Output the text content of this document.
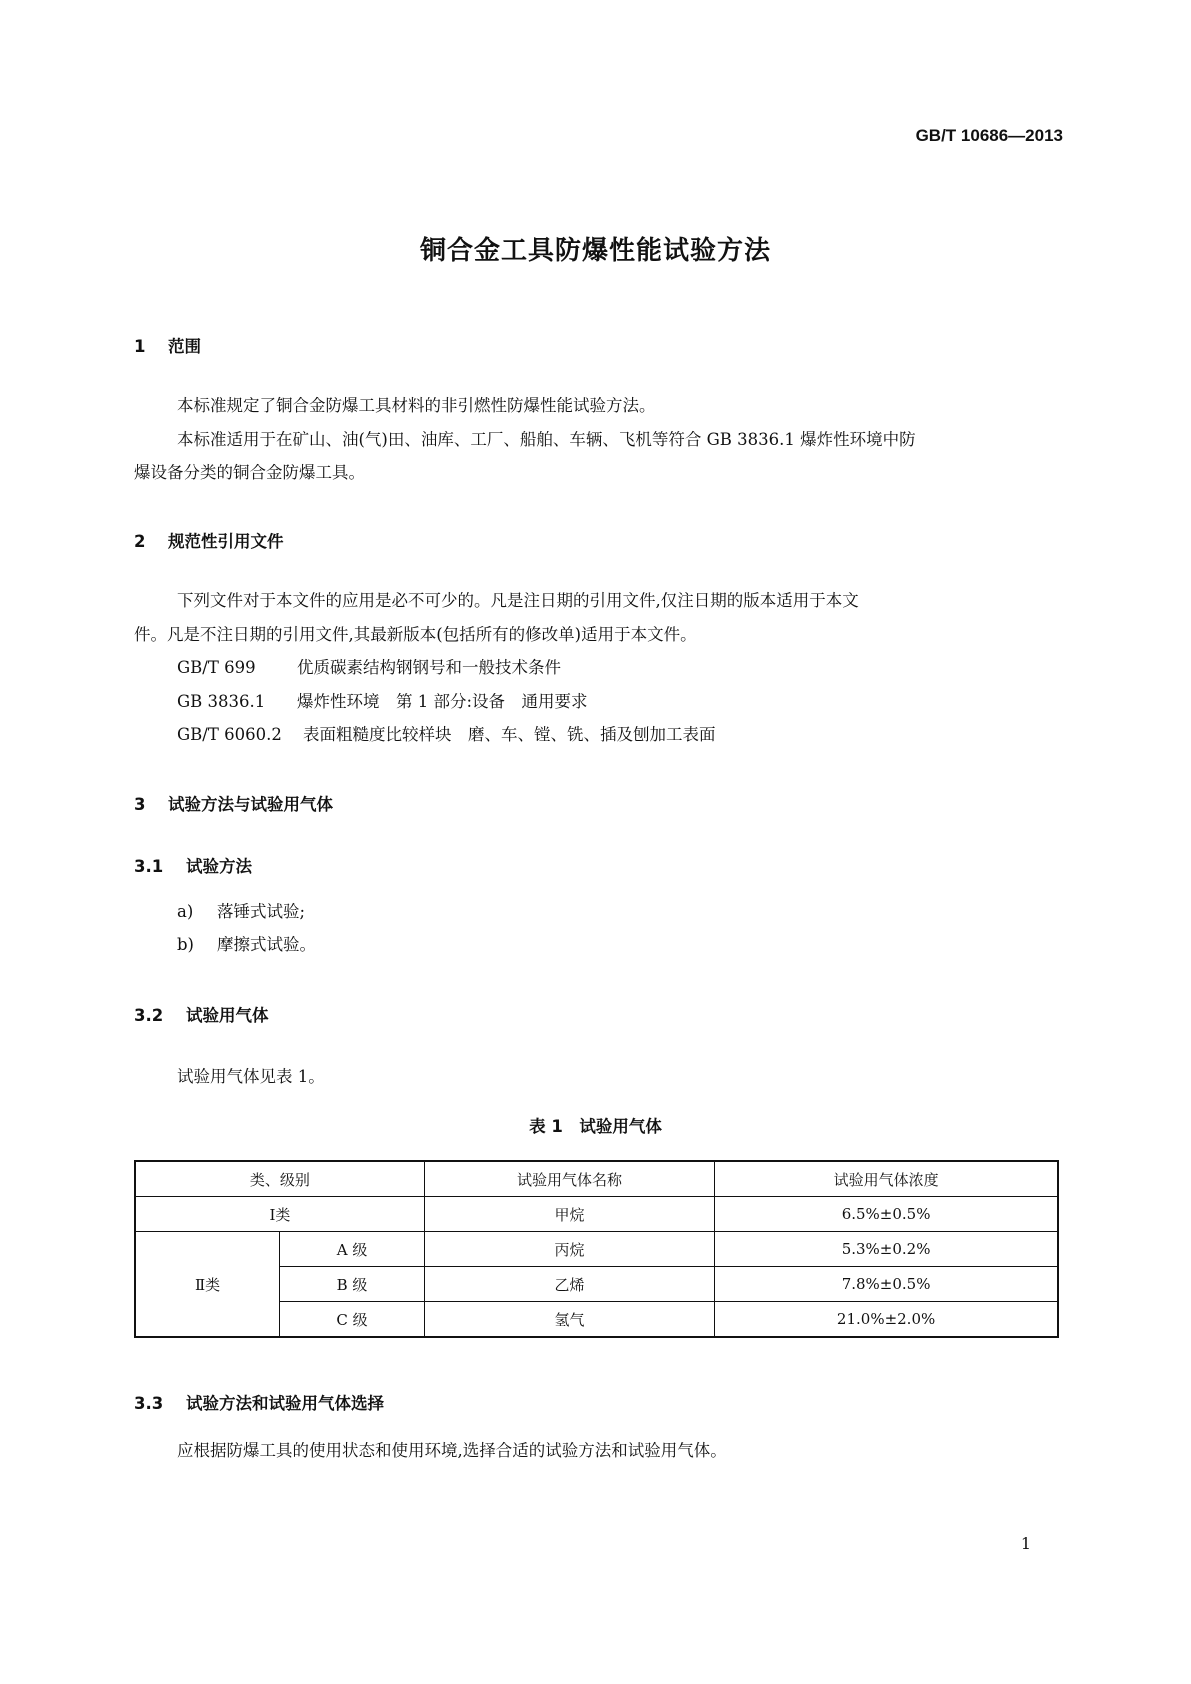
GB/T 10686—2013
铜合金工具防爆性能试验方法
1 范围
本标准规定了铜合金防爆工具材料的非引燃性防爆性能试验方法。
本标准适用于在矿山、油(气)田、油库、工厂、船舶、车辆、飞机等符合 GB 3836.1 爆炸性环境中防
爆设备分类的铜合金防爆工具。
2 规范性引用文件
下列文件对于本文件的应用是必不可少的。凡是注日期的引用文件,仅注日期的版本适用于本文
件。凡是不注日期的引用文件,其最新版本(包括所有的修改单)适用于本文件。
GB/T 699	优质碳素结构钢钢号和一般技术条件
GB 3836.1 爆炸性环境　第 1 部分:设备　通用要求
GB/T 6060.2 表面粗糙度比较样块　磨、车、镗、铣、插及刨加工表面
3 试验方法与试验用气体
3.1 试验方法
a) 落锤式试验;
b) 摩擦式试验。
3.2 试验用气体
试验用气体见表 1。
表 1　试验用气体
类、级别		试验用气体名称	试验用气体浓度
Ⅰ类		甲烷	6.5%±0.5%
Ⅱ类	A 级	丙烷	5.3%±0.2%
	B 级	乙烯	7.8%±0.5%
	C 级	氢气	21.0%±2.0%
3.3 试验方法和试验用气体选择
应根据防爆工具的使用状态和使用环境,选择合适的试验方法和试验用气体。
1
